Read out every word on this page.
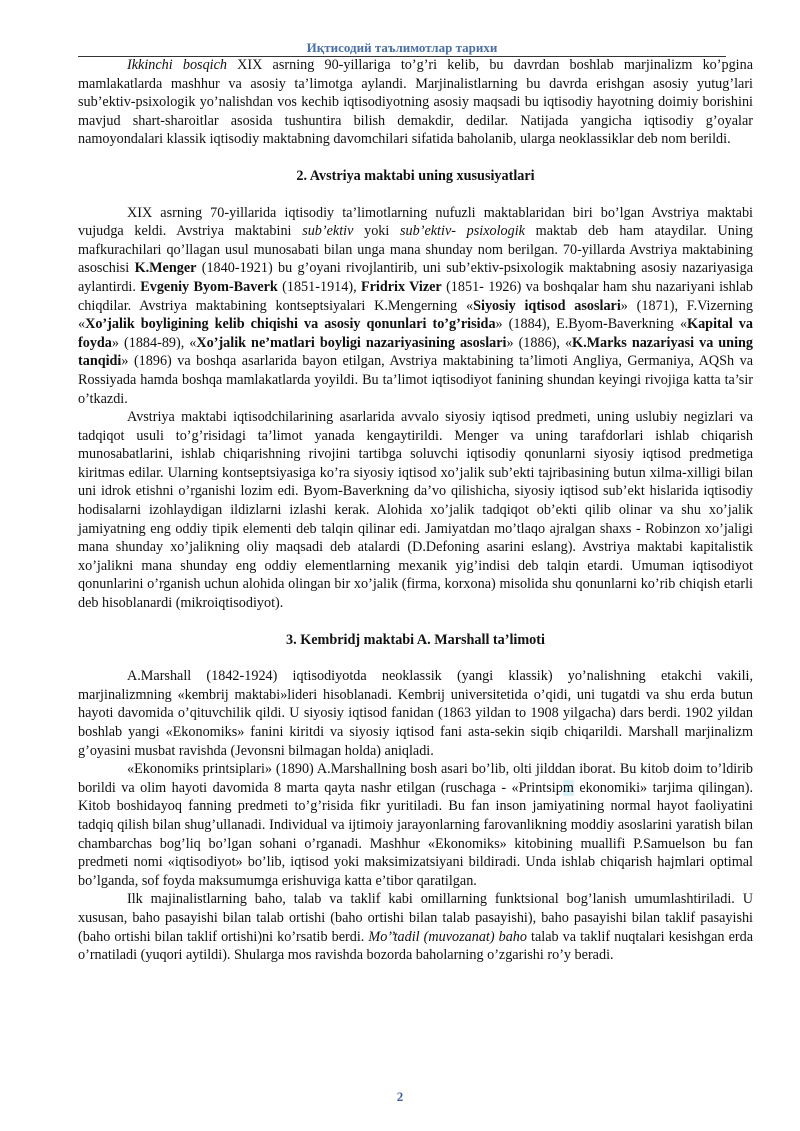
Иқтисодий таълимотлар тарихи

Ikkinchi bosqich XIX asrning 90-yillariga to’g’ri kelib, bu davrdan boshlab marjinalizm ko’pgina mamlakatlarda mashhur va asosiy ta’limotga aylandi. Marjinalistlarning bu davrda erishgan asosiy yutug’lari sub’ektiv-psixologik yo’nalishdan vos kechib iqtisodiyotning asosiy maqsadi bu iqtisodiy hayotning doimiy borishini mavjud shart-sharoitlar asosida tushuntira bilish demakdir, dedilar. Natijada yangicha iqtisodiy g’oyalar namoyondalari klassik iqtisodiy maktabning davomchilari sifatida baholanib, ularga neoklassiklar deb nom berildi.

2. Avstriya maktabi uning xususiyatlari

XIX asrning 70-yillarida iqtisodiy ta’limotlarning nufuzli maktablaridan biri bo’lgan Avstriya maktabi vujudga keldi. Avstriya maktabini sub’ektiv yoki sub’ektiv- psixologik maktab deb ham ataydilar. Uning mafkurachilari qo’llagan usul munosabati bilan unga mana shunday nom berilgan. 70-yillarda Avstriya maktabining asoschisi K.Menger (1840-1921) bu g’oyani rivojlantirib, uni sub’ektiv-psixologik maktabning asosiy nazariyasiga aylantirdi. Evgeniy Byom-Baverk (1851-1914), Fridrix Vizer (1851- 1926) va boshqalar ham shu nazariyani ishlab chiqdilar. Avstriya maktabining kontseptsiyalari K.Mengerning «Siyosiy iqtisod asoslari» (1871), F.Vizerning «Xo’jalik boyligining kelib chiqishi va asosiy qonunlari to’g’risida» (1884), E.Byom-Baverkning «Kapital va foyda» (1884-89), «Xo’jalik ne’matlari boyligi nazariyasining asoslari» (1886), «K.Marks nazariyasi va uning tanqidi» (1896) va boshqa asarlarida bayon etilgan, Avstriya maktabining ta’limoti Angliya, Germaniya, AQSh va Rossiyada hamda boshqa mamlakatlarda yoyildi. Bu ta’limot iqtisodiyot fanining shundan keyingi rivojiga katta ta’sir o’tkazdi.

Avstriya maktabi iqtisodchilarining asarlarida avvalo siyosiy iqtisod predmeti, uning uslubiy negizlari va tadqiqot usuli to’g’risidagi ta’limot yanada kengaytirildi. Menger va uning tarafdorlari ishlab chiqarish munosabatlarini, ishlab chiqarishning rivojini tartibga soluvchi iqtisodiy qonunlarni siyosiy iqtisod predmetiga kiritmas edilar. Ularning kontseptsiyasiga ko’ra siyosiy iqtisod xo’jalik sub’ekti tajribasining butun xilma-xilligi bilan uni idrok etishni o’rganishi lozim edi. Byom-Baverkning da’vo qilishicha, siyosiy iqtisod sub’ekt hislarida iqtisodiy hodisalarni izohlaydigan ildizlarni izlashi kerak. Alohida xo’jalik tadqiqot ob’ekti qilib olinar va shu xo’jalik jamiyatning eng oddiy tipik elementi deb talqin qilinar edi. Jamiyatdan mo’tlaqo ajralgan shaxs - Robinzon xo’jaligi mana shunday xo’jalikning oliy maqsadi deb atalardi (D.Defoning asarini eslang). Avstriya maktabi kapitalistik xo’jalikni mana shunday eng oddiy elementlarning mexanik yig’indisi deb talqin etardi. Umuman iqtisodiyot qonunlarini o’rganish uchun alohida olingan bir xo’jalik (firma, korxona) misolida shu qonunlarni ko’rib chiqish etarli deb hisoblanardi (mikroiqtisodiyot).

3. Kembridj maktabi A. Marshall ta’limoti

A.Marshall (1842-1924) iqtisodiyotda neoklassik (yangi klassik) yo’nalishning etakchi vakili, marjinalizmning «kembrij maktabi»lideri hisoblanadi. Kembrij universitetida o’qidi, uni tugatdi va shu erda butun hayoti davomida o’qituvchilik qildi. U siyosiy iqtisod fanidan (1863 yildan to 1908 yilgacha) dars berdi. 1902 yildan boshlab yangi «Ekonomiks» fanini kiritdi va siyosiy iqtisod fani asta-sekin siqib chiqarildi. Marshall marjinalizm g’oyasini musbat ravishda (Jevonsni bilmagan holda) aniqladi.

«Ekonomiks printsiplari» (1890) A.Marshallning bosh asari bo’lib, olti jilddan iborat. Bu kitob doim to’ldirib borildi va olim hayoti davomida 8 marta qayta nashr etilgan (ruschaga - «Printsipm ekonomiki» tarjima qilingan). Kitob boshidayoq fanning predmeti to’g’risida fikr yuritiladi. Bu fan inson jamiyatining normal hayot faoliyatini tadqiq qilish bilan shug’ullanadi. Individual va ijtimoiy jarayonlarning farovanlikning moddiy asoslarini yaratish bilan chambarchas bog’liq bo’lgan sohani o’rganadi. Mashhur «Ekonomiks» kitobining muallifi P.Samuelson bu fan predmeti nomi «iqtisodiyot» bo’lib, iqtisod yoki maksimizatsiyani bildiradi. Unda ishlab chiqarish hajmlari optimal bo’lganda, sof foyda maksumumga erishuviga katta e’tibor qaratilgan.

Ilk majinalistlarning baho, talab va taklif kabi omillarning funktsional bog’lanish umumlashtiriladi. U xususan, baho pasayishi bilan talab ortishi (baho ortishi bilan talab pasayishi), baho pasayishi bilan taklif pasayishi (baho ortishi bilan taklif ortishi)ni ko’rsatib berdi. Mo’’tadil (muvozanat) baho talab va taklif nuqtalari kesishgan erda o’rnatiladi (yuqori aytildi). Shularga mos ravishda bozorda baholarning o’zgarishi ro’y beradi.

2
